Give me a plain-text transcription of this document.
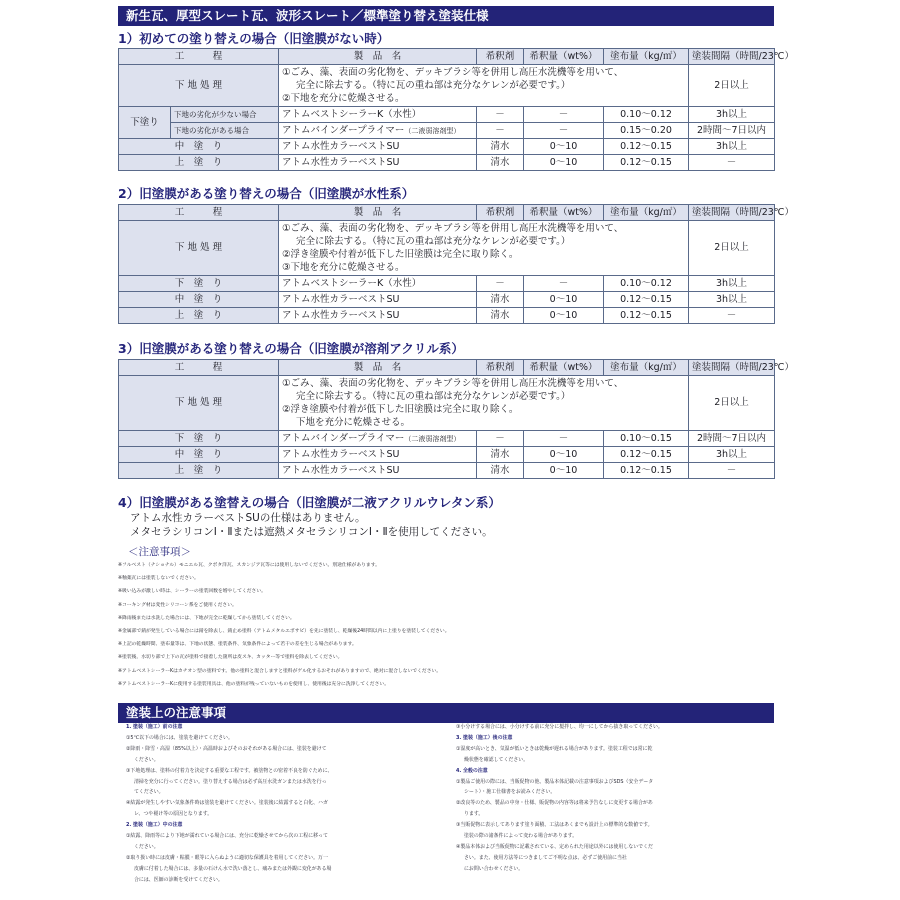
新生瓦、厚型スレート瓦、波形スレート／標準塗り替え塗装仕様
1）初めての塗り替えの場合（旧塗膜がない時）
工　　　程		製　品　名	希釈剤	希釈量（wt%）	塗布量（kg/㎡）	塗装間隔（時間/23℃）
下 地 処 理		①ごみ、藻、表面の劣化物を、デッキブラシ等を併用し高圧水洗機等を用いて、
完全に除去する。（特に瓦の重ね部は充分なケレンが必要です。）
②下地を充分に乾燥させる。				2日以上
下塗り	下地の劣化が少ない場合	アトムベストシーラーK（水性）	－	－	0.10～0.12	3h以上
	下地の劣化がある場合	アトムバインダープライマー（二液弱溶剤型）	－	－	0.15～0.20	2時間～7日以内
中　塗　り		アトム水性カラーベストSU	清水	0～10	0.12～0.15	3h以上
上　塗　り		アトム水性カラーベストSU	清水	0～10	0.12～0.15	－
2）旧塗膜がある塗り替えの場合（旧塗膜が水性系）
工　　　程	製　品　名	希釈剤	希釈量（wt%）	塗布量（kg/㎡）	塗装間隔（時間/23℃）
下 地 処 理	①ごみ、藻、表面の劣化物を、デッキブラシ等を併用し高圧水洗機等を用いて、
完全に除去する。（特に瓦の重ね部は充分なケレンが必要です。）
②浮き塗膜や付着が低下した旧塗膜は完全に取り除く。
③下地を充分に乾燥させる。				2日以上
下　塗　り	アトムベストシーラーK（水性）	－	－	0.10～0.12	3h以上
中　塗　り	アトム水性カラーベストSU	清水	0～10	0.12～0.15	3h以上
上　塗　り	アトム水性カラーベストSU	清水	0～10	0.12～0.15	－
3）旧塗膜がある塗り替えの場合（旧塗膜が溶剤アクリル系）
工　　　程	製　品　名	希釈剤	希釈量（wt%）	塗布量（kg/㎡）	塗装間隔（時間/23℃）
下 地 処 理	①ごみ、藻、表面の劣化物を、デッキブラシ等を併用し高圧水洗機等を用いて、
完全に除去する。（特に瓦の重ね部は充分なケレンが必要です。）
②浮き塗膜や付着が低下した旧塗膜は完全に取り除く。
下地を充分に乾燥させる。				2日以上
下　塗　り	アトムバインダープライマー（二液弱溶剤型）	－	－	0.10～0.15	2時間～7日以内
中　塗　り	アトム水性カラーベストSU	清水	0～10	0.12～0.15	3h以上
上　塗　り	アトム水性カラーベストSU	清水	0～10	0.12～0.15	－
4）旧塗膜がある塗替えの場合（旧塗膜が二液アクリルウレタン系）
アトム水性カラーベストSUの仕様はありません。
メタセラシリコンⅠ・Ⅱまたは遮熱メタセラシリコンⅠ・Ⅱを使用してください。
＜注意事項＞
※フルベスト（ナショナル）モニエル瓦、クボタ洋瓦、スカンジア瓦等には使用しないでください。別途仕様があります。
※釉薬瓦には塗装しないでください。
※吸い込みが激しい時は、シーラーの塗装回数を増やしてください。
※コーキング材は変性シリコーン系をご使用ください。
※降雨後または水洗した場合には、下地が完全に乾燥してから塗装してください。
※金属部で錆が発生している場合には錆を除去し、錆止め塗料（アトムメタルエポサビ）を先に塗装し、乾燥後24時間以内に上塗りを塗装してください。
※上記の乾燥時間、塗布量等は、下地の状態、塗装条件、気象条件によって若干の差を生じる場合があります。
※塗装後、水切り部で上下の瓦が塗料で接着した箇所は皮スキ、カッター等で塗料を除去してください。
※アトムベストシーラーKはカチオン型の塗料です。他の塗料と混合しますと塗料がゲル化するおそれがありますので、絶対に混合しないでください。
※アトムベストシーラーKに使用する塗装用具は、他の塗料が残っていないものを使用し、使用後は充分に洗浄してください。
塗装上の注意事項
1. 塗装（施工）前の注意
①5℃以下の場合には、塗装を避けてください。
②降雨・降雪・高湿（85%以上）・高温時およびそのおそれがある場合には、塗装を避けて
ください。
③下地処理は、塗料の付着力を決定する重要な工程です。被塗物との密着不良を防ぐために、
清掃を充分に行ってください。塗り替えする場合は必ず高圧水洗ガンまたは水洗を行っ
てください。
④結露が発生しやすい気象条件時は塗装を避けてください。塗装後に結露すると白化、ハガ
レ、つや褪け等の原因となります。
2. 塗装（施工）中の注意
①結露、降雨等により下地が濡れている場合には、充分に乾燥させてから次の工程に移って
ください。
②取り扱い時には皮膚・粘膜・眼等に入らぬように適切な保護具を着用してください。万一
皮膚に付着した場合には、多量の石けん水で洗い落とし、痛みまたは外観に変化がある場
合には、医師の診断を受けてください。
③小分けする場合には、小分けする前に充分に撹拌し、均一にしてから抜き取ってください。
3. 塗装（施工）後の注意
①湿度が高いとき、気温が低いときは乾燥が遅れる場合があります。塗装工程では常に乾
燥状態を確認してください。
4. 全般の注意
①製品ご使用の際には、当販促物の他、製品本体記載の注意事項およびSDS（安全データ
シート）・施工仕様書をお読みください。
②改良等のため、製品の中身・仕様、販促物の内容等は将来予告なしに変更する場合があ
ります。
③当販促物に表示してあります塗り面積、工法はあくまでも設計上の標準的な数値です。
塗装の際の諸条件によって変わる場合があります。
④製品本体および当販促物に記載されている、定められた用途以外には使用しないでくだ
さい。また、使用方法等につきましてご不明な点は、必ずご使用前に当社
にお問い合わせください。
